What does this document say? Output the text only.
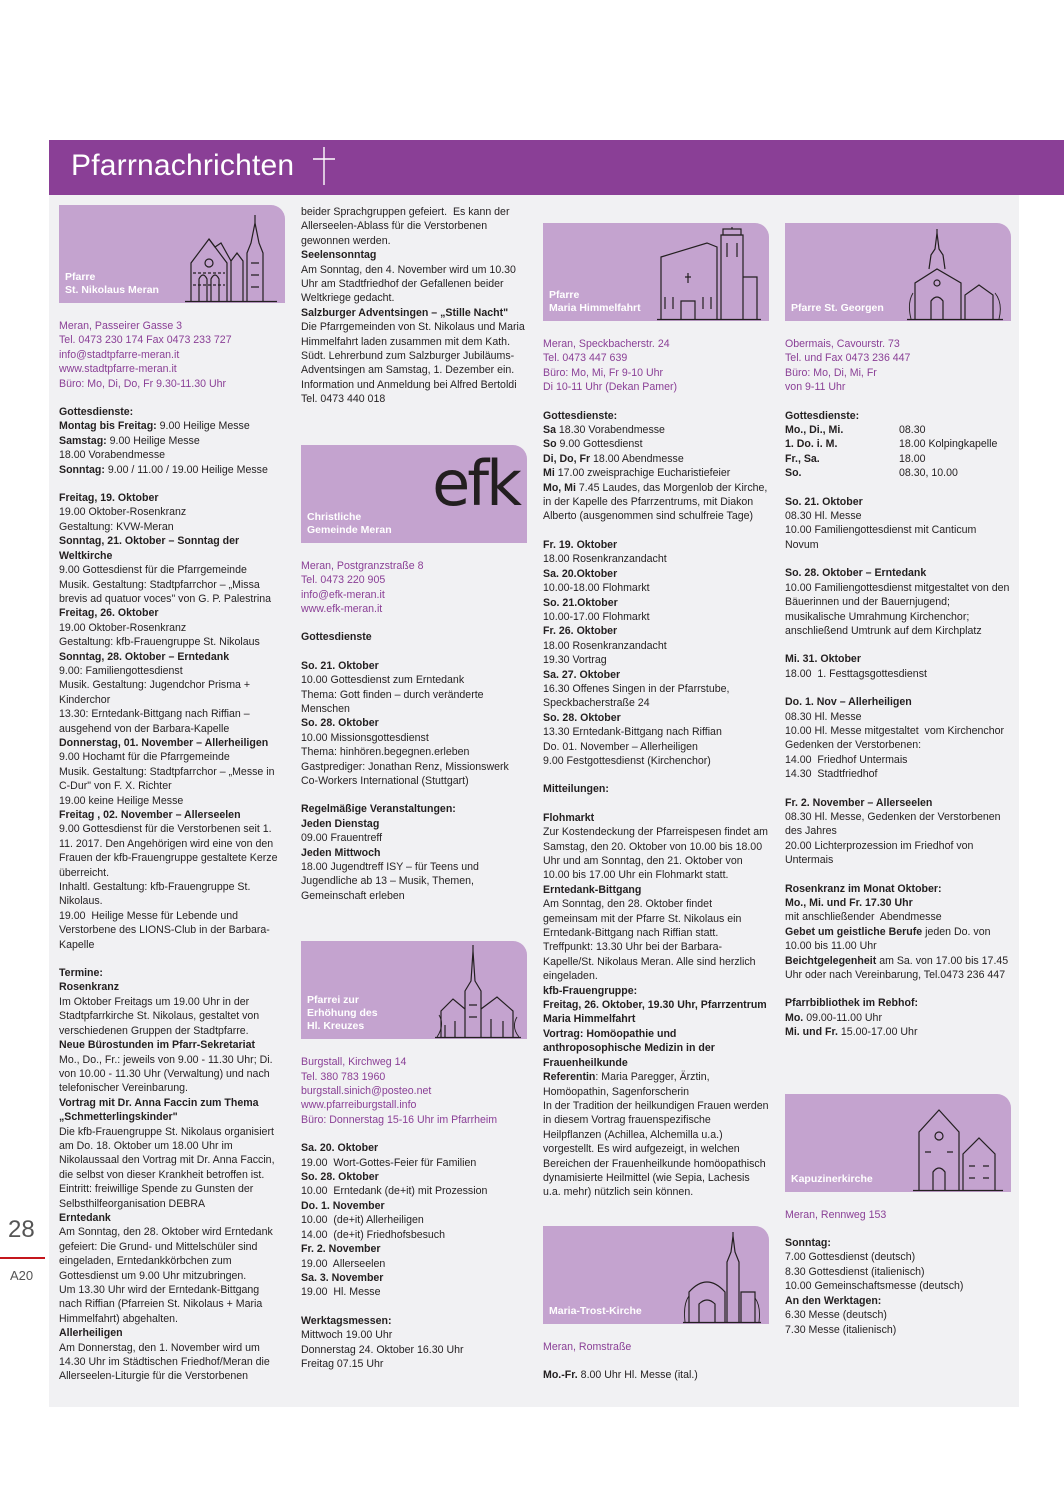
Pfarrnachrichten
28
A20
Pfarre
St. Nikolaus Meran
Meran, Passeirer Gasse 3
Tel. 0473 230 174 Fax 0473 233 727
info@stadtpfarre-meran.it
www.stadtpfarre-meran.it
Büro: Mo, Di, Do, Fr 9.30-11.30 Uhr
Gottesdienste:
Montag bis Freitag: 9.00 Heilige Messe
Samstag: 9.00 Heilige Messe
18.00 Vorabendmesse
Sonntag: 9.00 / 11.00 / 19.00 Heilige Messe
Freitag, 19. Oktober
19.00 Oktober-Rosenkranz
Gestaltung: KVW-Meran
Sonntag, 21. Oktober – Sonntag der Weltkirche
9.00 Gottesdienst für die Pfarrgemeinde
Musik. Gestaltung: Stadtpfarrchor – „Missa brevis ad quatuor voces" von G. P. Palestrina
Freitag, 26. Oktober
19.00 Oktober-Rosenkranz
Gestaltung: kfb-Frauengruppe St. Nikolaus
Sonntag, 28. Oktober – Erntedank
9.00: Familiengottesdienst
Musik. Gestaltung: Jugendchor Prisma + Kinderchor
13.30: Erntedank-Bittgang nach Riffian – ausgehend von der Barbara-Kapelle
Donnerstag, 01. November – Allerheiligen
9.00 Hochamt für die Pfarrgemeinde
Musik. Gestaltung: Stadtpfarrchor – „Messe in C-Dur" von F. X. Richter
19.00 keine Heilige Messe
Freitag , 02. November – Allerseelen
9.00 Gottesdienst für die Verstorbenen seit 1. 11. 2017. Den Angehörigen wird eine von den Frauen der kfb-Frauengruppe gestaltete Kerze überreicht.
Inhaltl. Gestaltung: kfb-Frauengruppe St. Nikolaus.
19.00  Heilige Messe für Lebende und Verstorbene des LIONS-Club in der Barbara-Kapelle
Termine:
Rosenkranz
Im Oktober Freitags um 19.00 Uhr in der Stadtpfarrkirche St. Nikolaus, gestaltet von verschiedenen Gruppen der Stadtpfarre.
Neue Bürostunden im Pfarr-Sekretariat
Mo., Do., Fr.: jeweils von 9.00 - 11.30 Uhr; Di. von 10.00 - 11.30 Uhr (Verwaltung) und nach telefonischer Vereinbarung.
Vortrag mit Dr. Anna Faccin zum Thema „Schmetterlingskinder"
Die kfb-Frauengruppe St. Nikolaus organisiert am Do. 18. Oktober um 18.00 Uhr im Nikolaussaal den Vortrag mit Dr. Anna Faccin, die selbst von dieser Krankheit betroffen ist. Eintritt: freiwillige Spende zu Gunsten der Selbsthilfeorganisation DEBRA
Erntedank
Am Sonntag, den 28. Oktober wird Erntedank gefeiert: Die Grund- und Mittelschüler sind eingeladen, Erntedankkörbchen zum Gottesdienst um 9.00 Uhr mitzubringen.
Um 13.30 Uhr wird der Erntedank-Bittgang nach Riffian (Pfarreien St. Nikolaus + Maria Himmelfahrt) abgehalten.
Allerheiligen
Am Donnerstag, den 1. November wird um 14.30 Uhr im Städtischen Friedhof/Meran die Allerseelen-Liturgie für die Verstorbenen
beider Sprachgruppen gefeiert.  Es kann der Allerseelen-Ablass für die Verstorbenen gewonnen werden.
Seelensonntag
Am Sonntag, den 4. November wird um 10.30 Uhr am Stadtfriedhof der Gefallenen beider Weltkriege gedacht.
Salzburger Adventsingen – „Stille Nacht"
Die Pfarrgemeinden von St. Nikolaus und Maria Himmelfahrt laden zusammen mit dem Kath. Südt. Lehrerbund zum Salzburger Jubiläums-Adventsingen am Samstag, 1. Dezember ein.
Information und Anmeldung bei Alfred Bertoldi Tel. 0473 440 018
efk
Christliche
Gemeinde Meran
Meran, Postgranzstraße 8
Tel. 0473 220 905
info@efk-meran.it
www.efk-meran.it
Gottesdienste
So. 21. Oktober
10.00 Gottesdienst zum Erntedank
Thema: Gott finden – durch veränderte Menschen
So. 28. Oktober
10.00 Missionsgottesdienst
Thema: hinhören.begegnen.erleben
Gastprediger: Jonathan Renz, Missionswerk Co-Workers International (Stuttgart)
Regelmäßige Veranstaltungen:
Jeden Dienstag
09.00 Frauentreff
Jeden Mittwoch
18.00 Jugendtreff ISY – für Teens und Jugendliche ab 13 – Musik, Themen, Gemeinschaft erleben
Pfarrei zur
Erhöhung des
Hl. Kreuzes
Burgstall, Kirchweg 14
Tel. 380 783 1960
burgstall.sinich@posteo.net
www.pfarreiburgstall.info
Büro: Donnerstag 15-16 Uhr im Pfarrheim
Sa. 20. Oktober
19.00  Wort-Gottes-Feier für Familien
So. 28. Oktober
10.00  Erntedank (de+it) mit Prozession
Do. 1. November
10.00  (de+it) Allerheiligen
14.00  (de+it) Friedhofsbesuch
Fr. 2. November
19.00  Allerseelen
Sa. 3. November
19.00  Hl. Messe
Werktagsmessen:
Mittwoch 19.00 Uhr
Donnerstag 24. Oktober 16.30 Uhr
Freitag 07.15 Uhr
Pfarre
Maria Himmelfahrt
Meran, Speckbacherstr. 24
Tel. 0473 447 639
Büro: Mo, Mi, Fr 9-10 Uhr
Di 10-11 Uhr (Dekan Pamer)
Gottesdienste:
Sa 18.30 Vorabendmesse
So 9.00 Gottesdienst
Di, Do, Fr 18.00 Abendmesse
Mi 17.00 zweisprachige Eucharistiefeier
Mo, Mi 7.45 Laudes, das Morgenlob der Kirche, in der Kapelle des Pfarrzentrums, mit Diakon Alberto (ausgenommen sind schulfreie Tage)
Fr. 19. Oktober
18.00 Rosenkranzandacht
Sa. 20.Oktober
10.00-18.00 Flohmarkt
So. 21.Oktober
10.00-17.00 Flohmarkt
Fr. 26. Oktober
18.00 Rosenkranzandacht
19.30 Vortrag
Sa. 27. Oktober
16.30 Offenes Singen in der Pfarrstube, Speckbacherstraße 24
So. 28. Oktober
13.30 Erntedank-Bittgang nach Riffian
Do. 01. November – Allerheiligen
9.00 Festgottesdienst (Kirchenchor)
Mitteilungen:
Flohmarkt
Zur Kostendeckung der Pfarreispesen findet am Samstag, den 20. Oktober von 10.00 bis 18.00 Uhr und am Sonntag, den 21. Oktober von 10.00 bis 17.00 Uhr ein Flohmarkt statt.
Erntedank-Bittgang
Am Sonntag, den 28. Oktober findet gemeinsam mit der Pfarre St. Nikolaus ein Erntedank-Bittgang nach Riffian statt. Treffpunkt: 13.30 Uhr bei der Barbara-Kapelle/St. Nikolaus Meran. Alle sind herzlich eingeladen.
kfb-Frauengruppe:
Freitag, 26. Oktober, 19.30 Uhr, Pfarrzentrum Maria Himmelfahrt
Vortrag: Homöopathie und anthroposophische Medizin in der Frauenheilkunde
Referentin: Maria Paregger, Ärztin, Homöopathin, Sagenforscherin
In der Tradition der heilkundigen Frauen werden in diesem Vortrag frauenspezifische Heilpflanzen (Achillea, Alchemilla u.a.) vorgestellt. Es wird aufgezeigt, in welchen Bereichen der Frauenheilkunde homöopathisch dynamisierte Heilmittel (wie Sepia, Lachesis u.a. mehr) nützlich sein können.
Maria-Trost-Kirche
Meran, Romstraße
Mo.-Fr. 8.00 Uhr Hl. Messe (ital.)
Pfarre St. Georgen
Obermais, Cavourstr. 73
Tel. und Fax 0473 236 447
Büro: Mo, Di, Mi, Fr
von 9-11 Uhr
Gottesdienste:
Mo., Di., Mi.	08.30
1. Do. i. M.	18.00 Kolpingkapelle
Fr., Sa.	18.00
So.	08.30, 10.00
So. 21. Oktober
08.30 Hl. Messe
10.00 Familiengottesdienst mit Canticum Novum
So. 28. Oktober – Erntedank
10.00 Familiengottesdienst mitgestaltet von den Bäuerinnen und der Bauernjugend; musikalische Umrahmung Kirchenchor; anschließend Umtrunk auf dem Kirchplatz
Mi. 31. Oktober
18.00  1. Festtagsgottesdienst
Do. 1. Nov – Allerheiligen
08.30 Hl. Messe
10.00 Hl. Messe mitgestaltet  vom Kirchenchor
Gedenken der Verstorbenen:
14.00  Friedhof Untermais
14.30  Stadtfriedhof
Fr. 2. November – Allerseelen
08.30 Hl. Messe, Gedenken der Verstorbenen des Jahres
20.00 Lichterprozession im Friedhof von Untermais
Rosenkranz im Monat Oktober:
Mo., Mi. und Fr. 17.30 Uhr
mit anschließender  Abendmesse
Gebet um geistliche Berufe jeden Do. von 10.00 bis 11.00 Uhr
Beichtgelegenheit am Sa. von 17.00 bis 17.45 Uhr oder nach Vereinbarung, Tel.0473 236 447
Pfarrbibliothek im Rebhof:
Mo. 09.00-11.00 Uhr
Mi. und Fr. 15.00-17.00 Uhr
Kapuzinerkirche
Meran, Rennweg 153
Sonntag:
7.00 Gottesdienst (deutsch)
8.30 Gottesdienst (italienisch)
10.00 Gemeinschaftsmesse (deutsch)
An den Werktagen:
6.30 Messe (deutsch)
7.30 Messe (italienisch)
